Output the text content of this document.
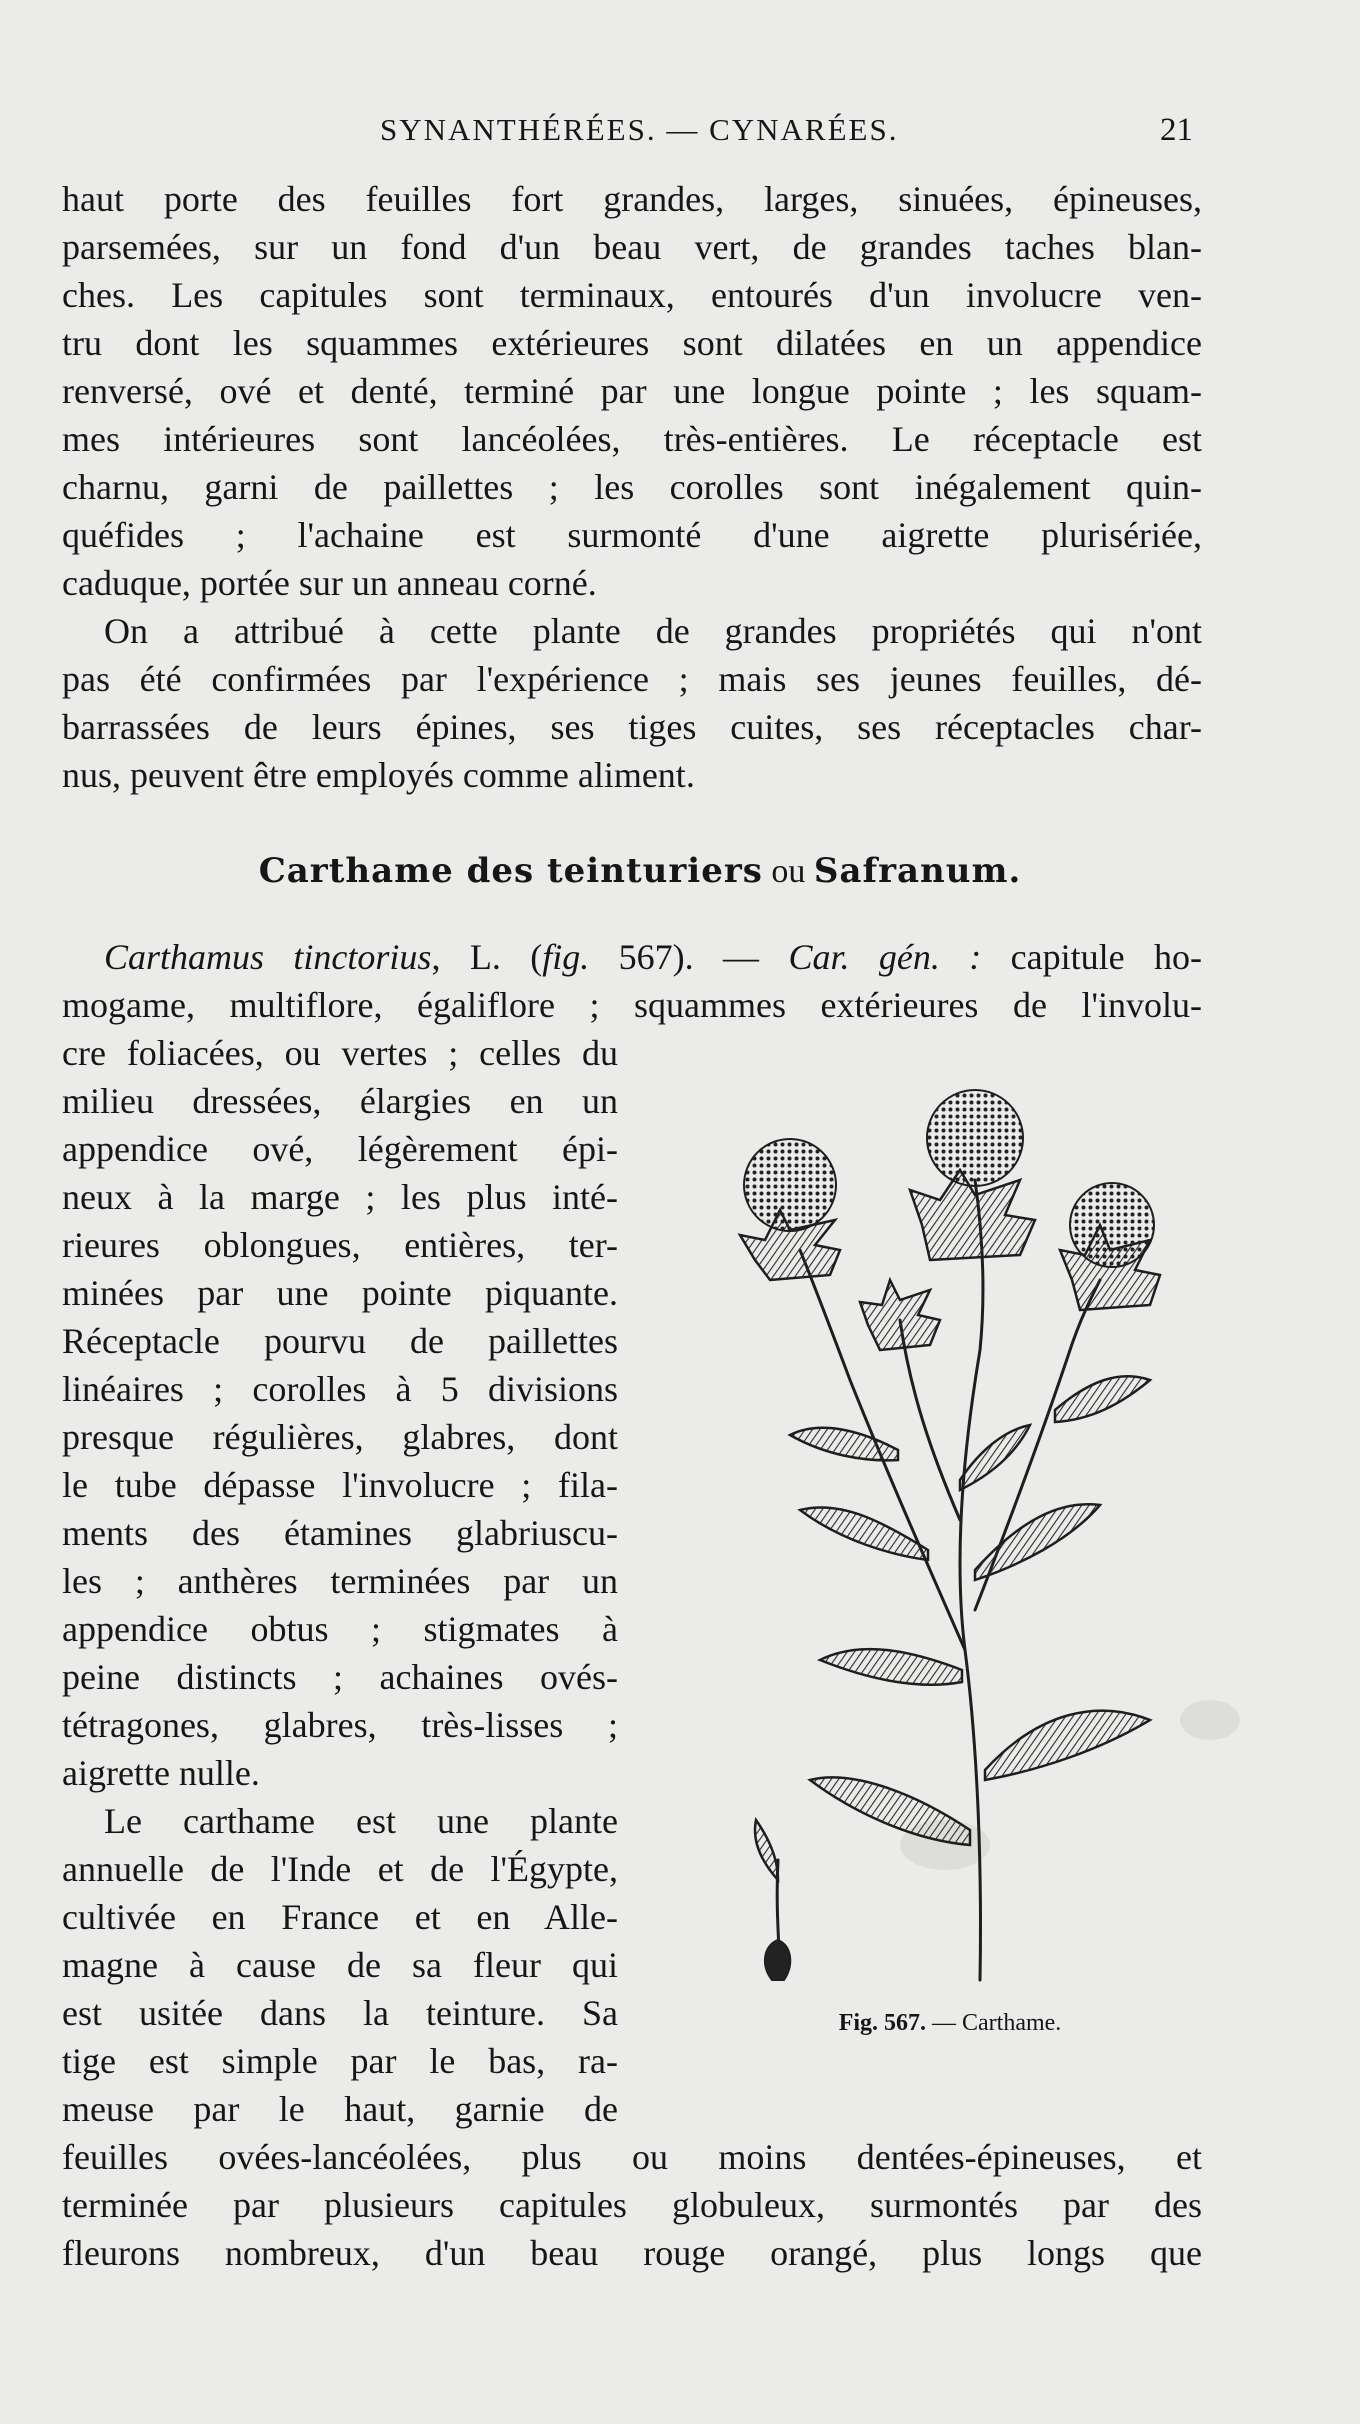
SYNANTHÉRÉES. — CYNARÉES.	21
haut porte des feuilles fort grandes, larges, sinuées, épineuses,
parsemées, sur un fond d'un beau vert, de grandes taches blan-
ches. Les capitules sont terminaux, entourés d'un involucre ven-
tru dont les squammes extérieures sont dilatées en un appendice
renversé, ové et denté, terminé par une longue pointe ; les squam-
mes intérieures sont lancéolées, très-entières. Le réceptacle est
charnu, garni de paillettes ; les corolles sont inégalement quin-
quéfides ; l'achaine est surmonté d'une aigrette plurisériée,
caduque, portée sur un anneau corné.
On a attribué à cette plante de grandes propriétés qui n'ont
pas été confirmées par l'expérience ; mais ses jeunes feuilles, dé-
barrassées de leurs épines, ses tiges cuites, ses réceptacles char-
nus, peuvent être employés comme aliment.
Carthame des teinturiers ou Safranum.
Carthamus tinctorius, L. (fig. 567). — Car. gén. : capitule ho-
mogame, multiflore, égaliflore ; squammes extérieures de l'involu-
cre foliacées, ou vertes ; celles du
milieu dressées, élargies en un
appendice ové, légèrement épi-
neux à la marge ; les plus inté-
rieures oblongues, entières, ter-
minées par une pointe piquante.
Réceptacle pourvu de paillettes
linéaires ; corolles à 5 divisions
presque régulières, glabres, dont
le tube dépasse l'involucre ; fila-
ments des étamines glabriuscu-
les ; anthères terminées par un
appendice obtus ; stigmates à
peine distincts ; achaines ovés-
tétragones, glabres, très-lisses ;
aigrette nulle.
Le carthame est une plante
annuelle de l'Inde et de l'Égypte,
cultivée en France et en Alle-
magne à cause de sa fleur qui
est usitée dans la teinture. Sa
tige est simple par le bas, ra-
meuse par le haut, garnie de
feuilles ovées-lancéolées, plus ou moins dentées-épineuses, et
terminée par plusieurs capitules globuleux, surmontés par des
fleurons nombreux, d'un beau rouge orangé, plus longs que
Fig. 567. — Carthame.
